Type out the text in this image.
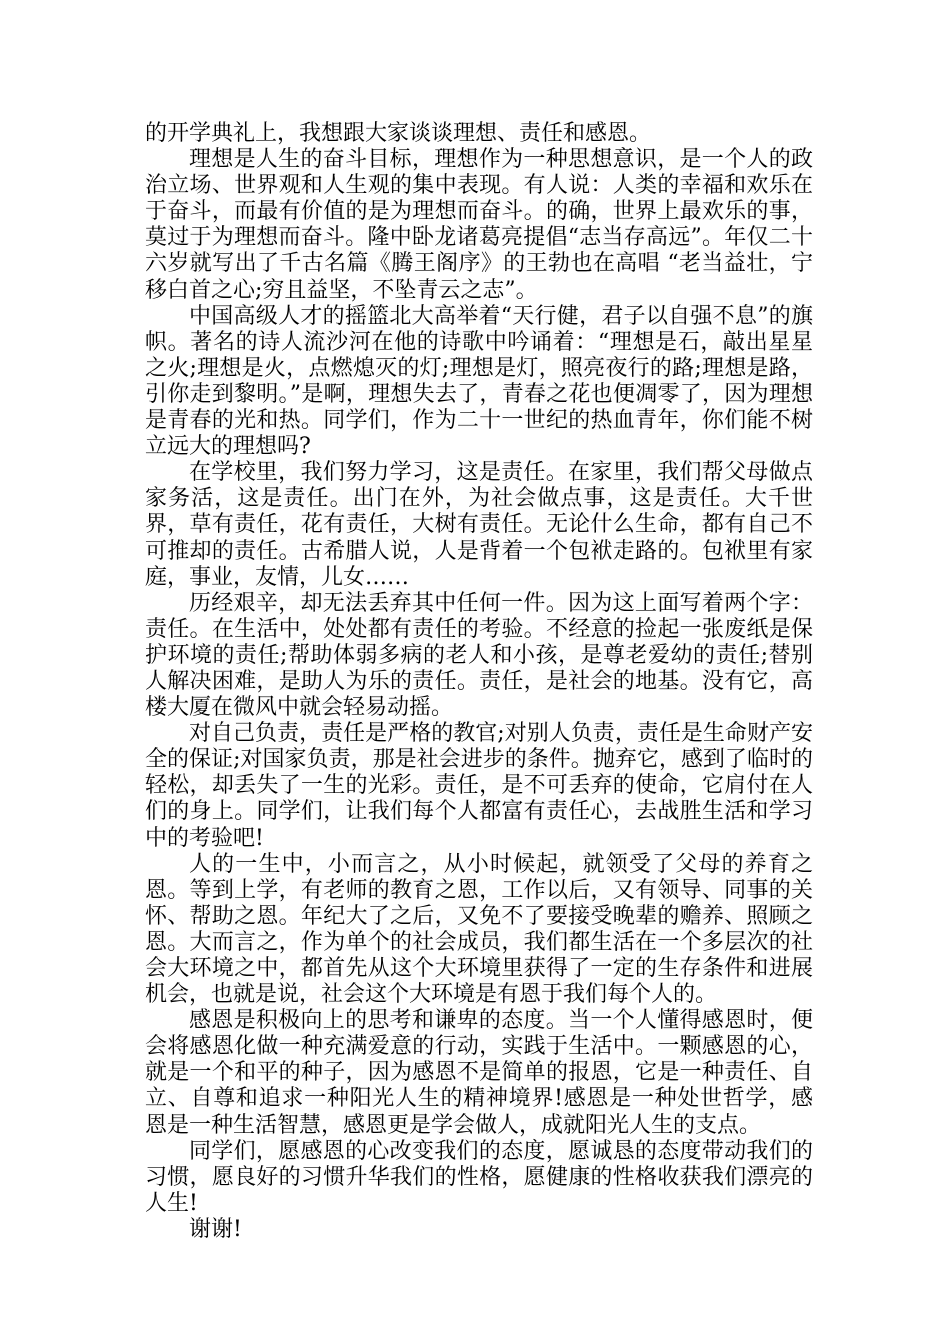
的开学典礼上，我想跟大家谈谈理想、责任和感恩。

理想是人生的奋斗目标，理想作为一种思想意识，是一个人的政治立场、世界观和人生观的集中表现。有人说：人类的幸福和欢乐在于奋斗，而最有价值的是为理想而奋斗。的确，世界上最欢乐的事，莫过于为理想而奋斗。隆中卧龙诸葛亮提倡“志当存高远”。年仅二十六岁就写出了千古名篇《腾王阁序》的王勃也在高唱 “老当益壮，宁移白首之心;穷且益坚，不坠青云之志”。

中国高级人才的摇篮北大高举着“天行健，君子以自强不息”的旗帜。著名的诗人流沙河在他的诗歌中吟诵着：“理想是石，敲出星星之火;理想是火，点燃熄灭的灯;理想是灯，照亮夜行的路;理想是路，引你走到黎明。”是啊，理想失去了，青春之花也便凋零了，因为理想是青春的光和热。同学们，作为二十一世纪的热血青年，你们能不树立远大的理想吗?

在学校里，我们努力学习，这是责任。在家里，我们帮父母做点家务活，这是责任。出门在外，为社会做点事，这是责任。大千世界，草有责任，花有责任，大树有责任。无论什么生命，都有自己不可推却的责任。古希腊人说，人是背着一个包袱走路的。包袱里有家庭，事业，友情，儿女……

历经艰辛，却无法丢弃其中任何一件。因为这上面写着两个字：责任。在生活中，处处都有责任的考验。不经意的捡起一张废纸是保护环境的责任;帮助体弱多病的老人和小孩，是尊老爱幼的责任;替别人解决困难，是助人为乐的责任。责任，是社会的地基。没有它，高楼大厦在微风中就会轻易动摇。

对自己负责，责任是严格的教官;对别人负责，责任是生命财产安全的保证;对国家负责，那是社会进步的条件。抛弃它，感到了临时的轻松，却丢失了一生的光彩。责任，是不可丢弃的使命，它肩付在人们的身上。同学们，让我们每个人都富有责任心，去战胜生活和学习中的考验吧!

人的一生中，小而言之，从小时候起，就领受了父母的养育之恩。等到上学，有老师的教育之恩，工作以后，又有领导、同事的关怀、帮助之恩。年纪大了之后，又免不了要接受晚辈的赡养、照顾之恩。大而言之，作为单个的社会成员，我们都生活在一个多层次的社会大环境之中，都首先从这个大环境里获得了一定的生存条件和进展机会，也就是说，社会这个大环境是有恩于我们每个人的。

感恩是积极向上的思考和谦卑的态度。当一个人懂得感恩时，便会将感恩化做一种充满爱意的行动，实践于生活中。一颗感恩的心，就是一个和平的种子，因为感恩不是简单的报恩，它是一种责任、自立、自尊和追求一种阳光人生的精神境界!感恩是一种处世哲学，感恩是一种生活智慧，感恩更是学会做人，成就阳光人生的支点。

同学们，愿感恩的心改变我们的态度，愿诚恳的态度带动我们的习惯，愿良好的习惯升华我们的性格，愿健康的性格收获我们漂亮的人生!

谢谢!
